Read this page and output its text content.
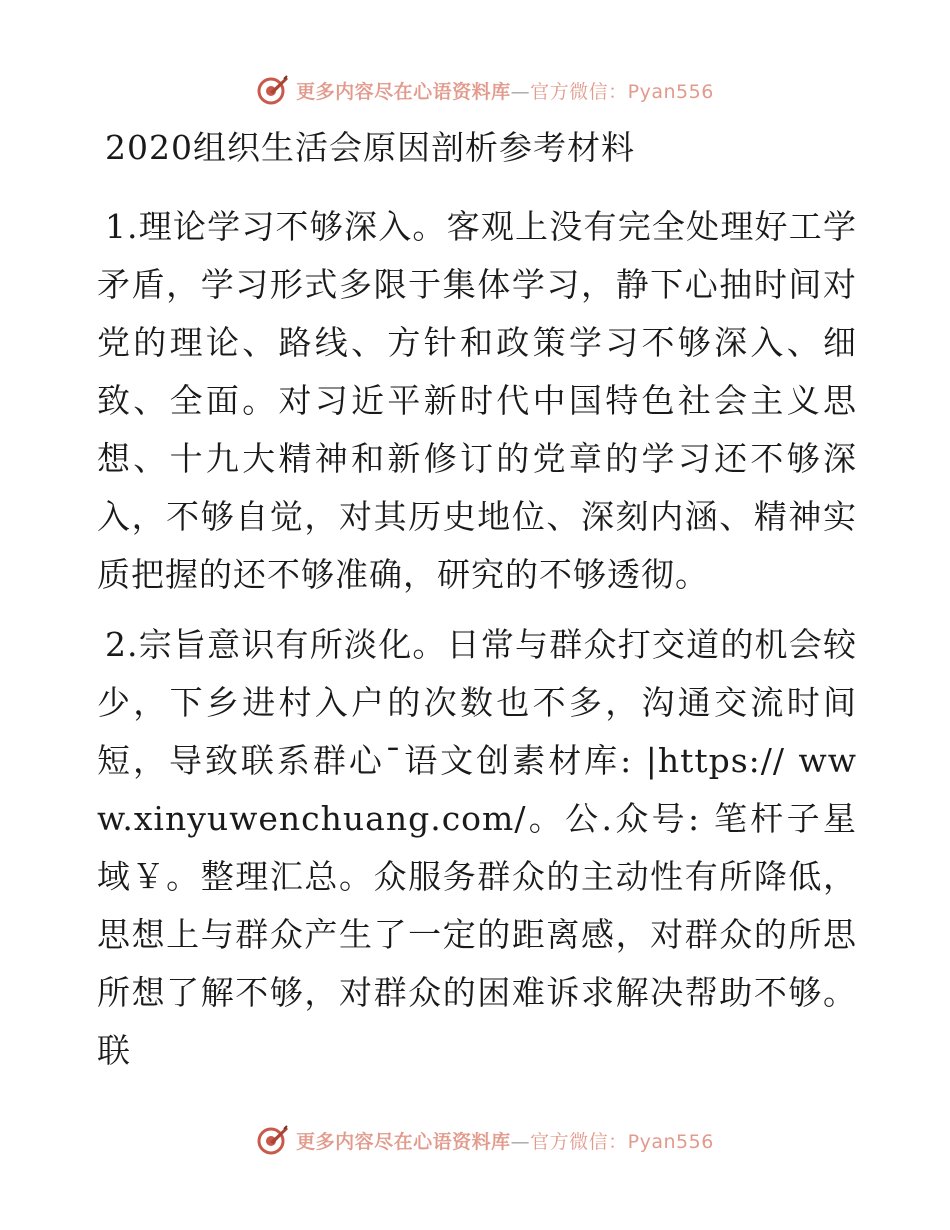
更多内容尽在心语资料库—官方微信：Pyan556
2020组织生活会原因剖析参考材料

1.理论学习不够深入。客观上没有完全处理好工学矛盾，学习形式多限于集体学习，静下心抽时间对党的理论、路线、方针和政策学习不够深入、细致、全面。对习近平新时代中国特色社会主义思想、十九大精神和新修订的党章的学习还不够深入，不够自觉，对其历史地位、深刻内涵、精神实质把握的还不够准确，研究的不够透彻。

2.宗旨意识有所淡化。日常与群众打交道的机会较少，下乡进村入户的次数也不多，沟通交流时间短，导致联系群心¯语文创素材库: |https:// www.xinyuwenchuang.com/。公.众号: 笔杆子星域￥。整理汇总。众服务群众的主动性有所降低，思想上与群众产生了一定的距离感，对群众的所思所想了解不够，对群众的困难诉求解决帮助不够。联

更多内容尽在心语资料库—官方微信：Pyan556
